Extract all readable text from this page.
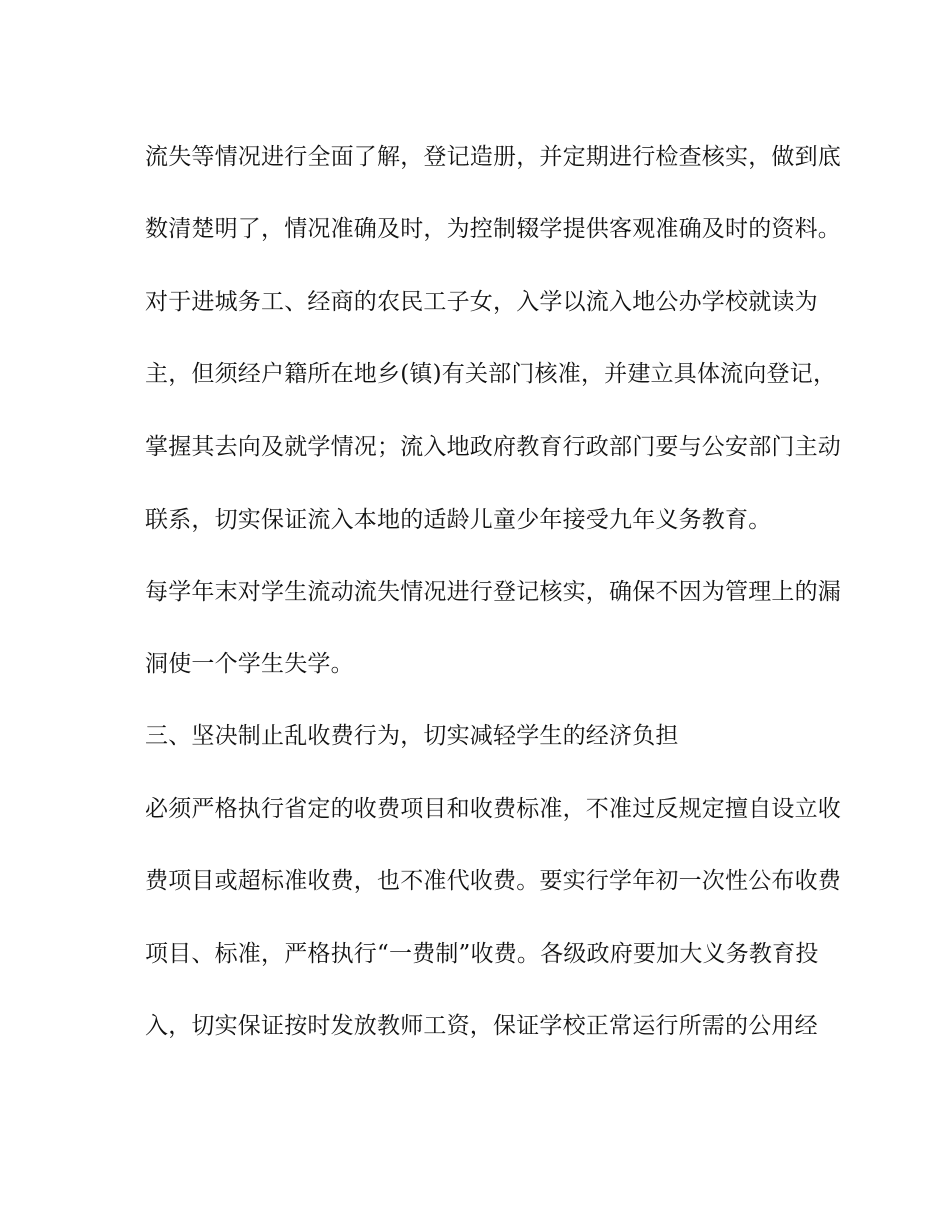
流失等情况进行全面了解，登记造册，并定期进行检查核实，做到底

数清楚明了，情况准确及时，为控制辍学提供客观准确及时的资料。

对于进城务工、经商的农民工子女，入学以流入地公办学校就读为

主，但须经户籍所在地乡(镇)有关部门核准，并建立具体流向登记，

掌握其去向及就学情况；流入地政府教育行政部门要与公安部门主动

联系，切实保证流入本地的适龄儿童少年接受九年义务教育。

每学年末对学生流动流失情况进行登记核实，确保不因为管理上的漏

洞使一个学生失学。

三、坚决制止乱收费行为，切实减轻学生的经济负担

必须严格执行省定的收费项目和收费标准，不准过反规定擅自设立收

费项目或超标准收费，也不准代收费。要实行学年初一次性公布收费

项目、标准，严格执行“一费制”收费。各级政府要加大义务教育投

入，切实保证按时发放教师工资，保证学校正常运行所需的公用经
